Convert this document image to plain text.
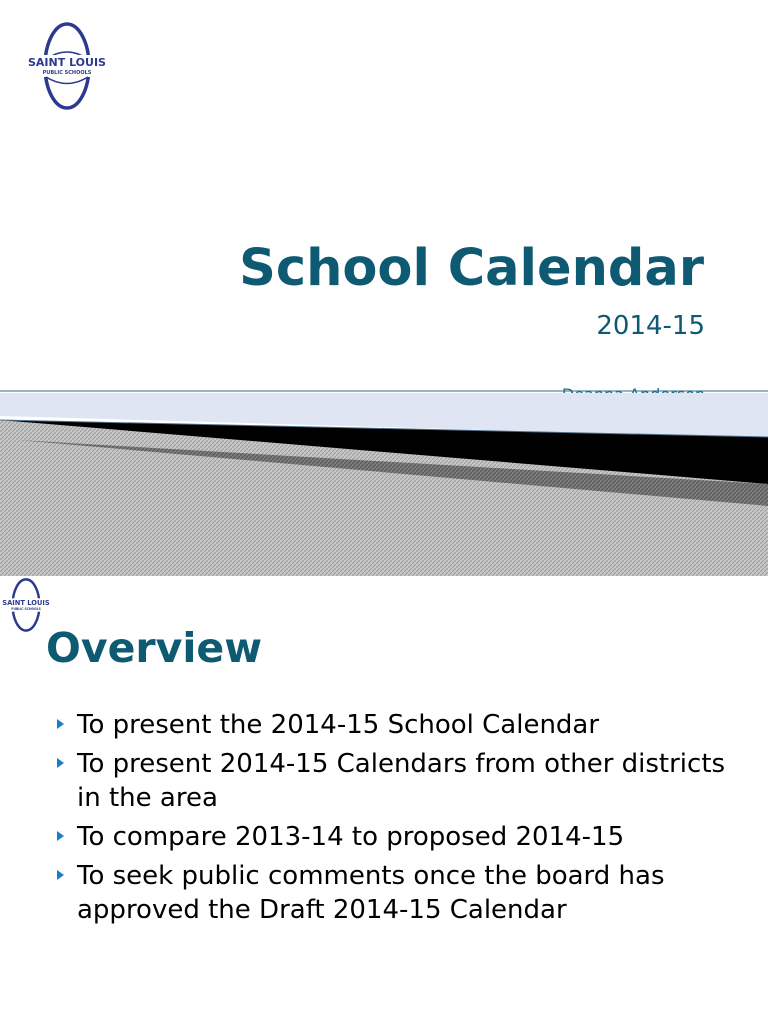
SAINT LOUIS
PUBLIC SCHOOLS
School Calendar
2014-15
Overview
To present the 2014-15 School Calendar
To present 2014-15 Calendars from other districts in the area
To compare 2013-14 to proposed 2014-15
To seek public comments once the board has approved the Draft 2014-15 Calendar
SAINT LOUIS
PUBLIC SCHOOLS
